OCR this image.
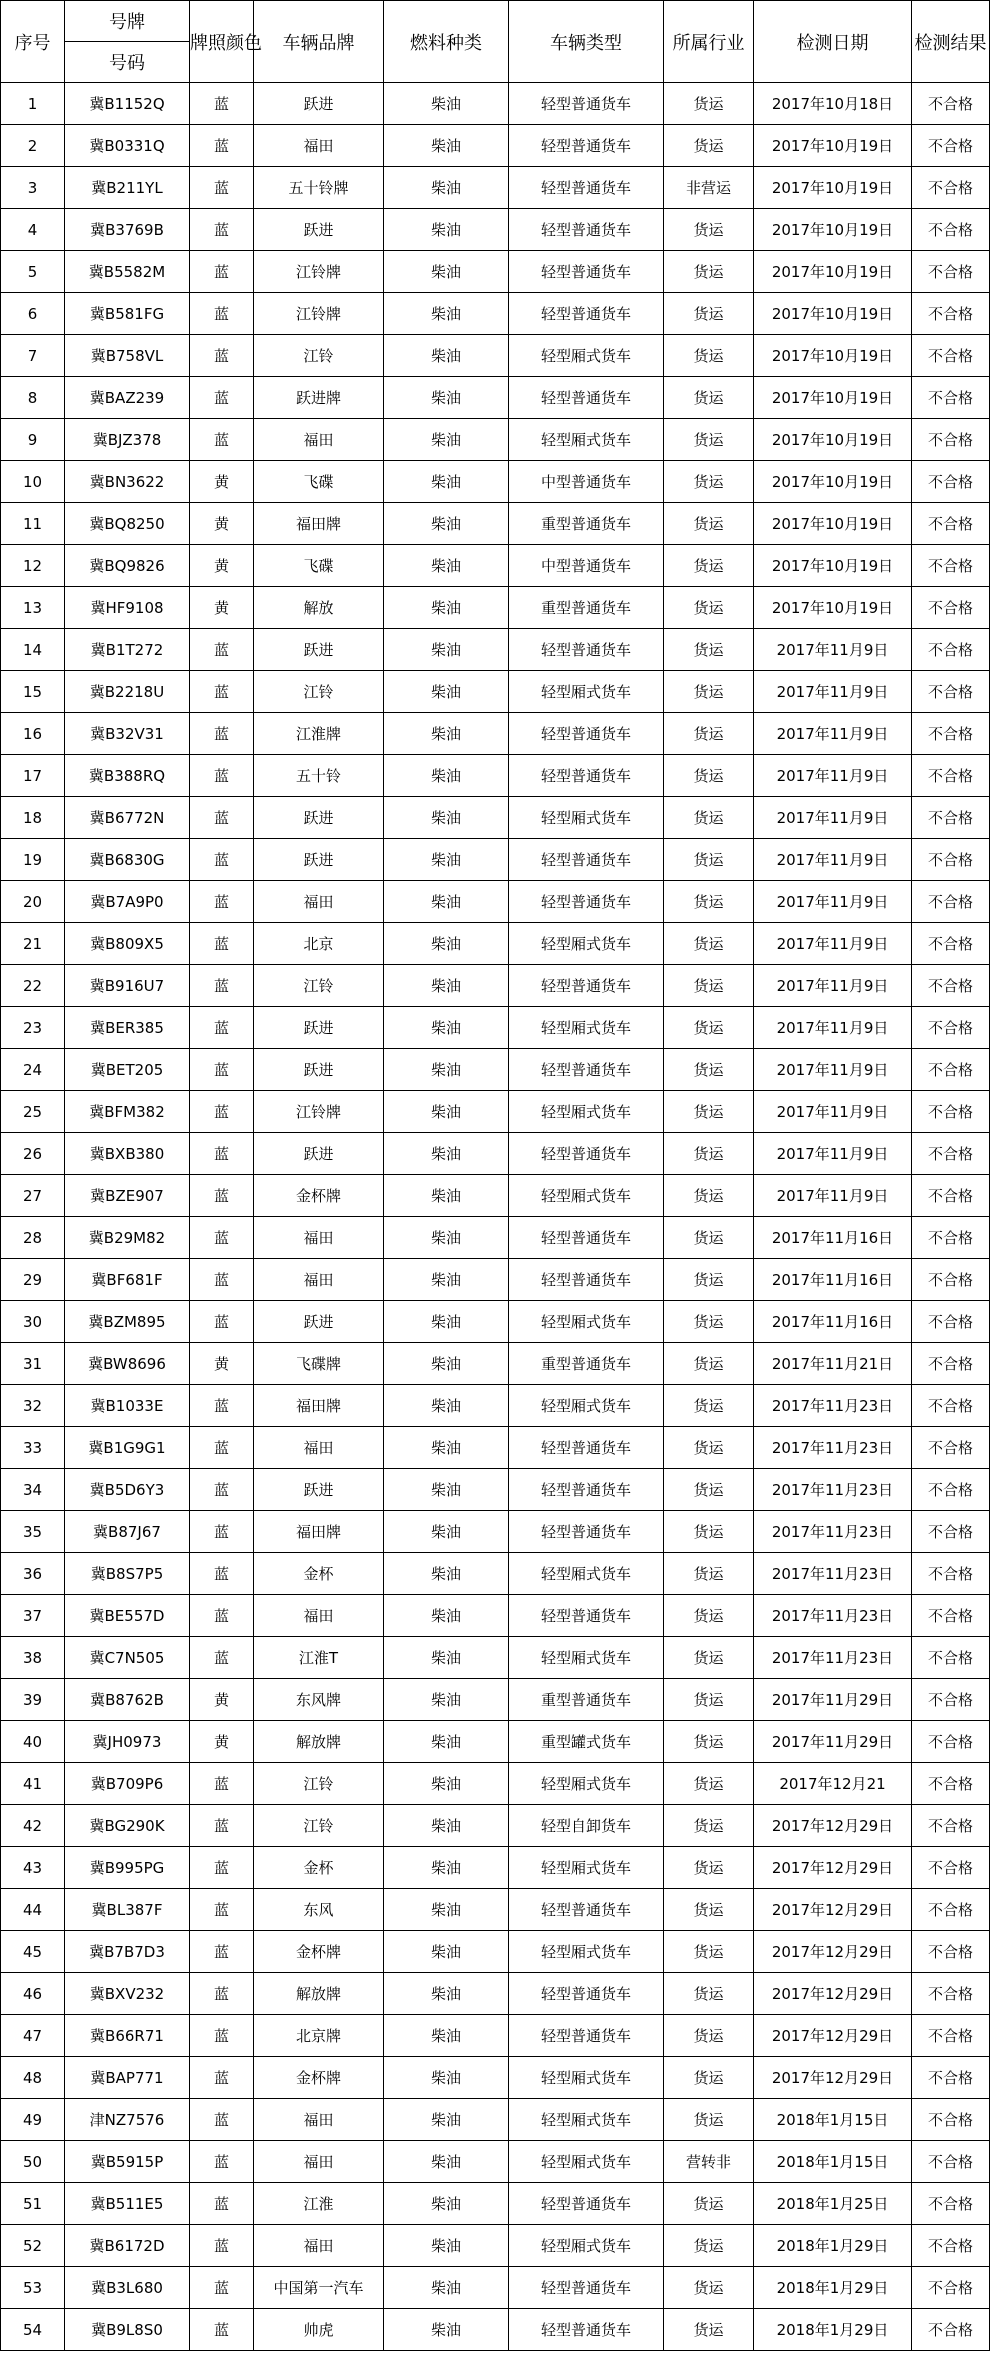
序号	号牌	牌照颜色	车辆品牌	燃料种类	车辆类型	所属行业	检测日期	检测结果
	号码							
1	冀B1152Q	蓝	跃进	柴油	轻型普通货车	货运	2017年10月18日	不合格
2	冀B0331Q	蓝	福田	柴油	轻型普通货车	货运	2017年10月19日	不合格
3	冀B211YL	蓝	五十铃牌	柴油	轻型普通货车	非营运	2017年10月19日	不合格
4	冀B3769B	蓝	跃进	柴油	轻型普通货车	货运	2017年10月19日	不合格
5	冀B5582M	蓝	江铃牌	柴油	轻型普通货车	货运	2017年10月19日	不合格
6	冀B581FG	蓝	江铃牌	柴油	轻型普通货车	货运	2017年10月19日	不合格
7	冀B758VL	蓝	江铃	柴油	轻型厢式货车	货运	2017年10月19日	不合格
8	冀BAZ239	蓝	跃进牌	柴油	轻型普通货车	货运	2017年10月19日	不合格
9	冀BJZ378	蓝	福田	柴油	轻型厢式货车	货运	2017年10月19日	不合格
10	冀BN3622	黄	飞碟	柴油	中型普通货车	货运	2017年10月19日	不合格
11	冀BQ8250	黄	福田牌	柴油	重型普通货车	货运	2017年10月19日	不合格
12	冀BQ9826	黄	飞碟	柴油	中型普通货车	货运	2017年10月19日	不合格
13	冀HF9108	黄	解放	柴油	重型普通货车	货运	2017年10月19日	不合格
14	冀B1T272	蓝	跃进	柴油	轻型普通货车	货运	2017年11月9日	不合格
15	冀B2218U	蓝	江铃	柴油	轻型厢式货车	货运	2017年11月9日	不合格
16	冀B32V31	蓝	江淮牌	柴油	轻型普通货车	货运	2017年11月9日	不合格
17	冀B388RQ	蓝	五十铃	柴油	轻型普通货车	货运	2017年11月9日	不合格
18	冀B6772N	蓝	跃进	柴油	轻型厢式货车	货运	2017年11月9日	不合格
19	冀B6830G	蓝	跃进	柴油	轻型普通货车	货运	2017年11月9日	不合格
20	冀B7A9P0	蓝	福田	柴油	轻型普通货车	货运	2017年11月9日	不合格
21	冀B809X5	蓝	北京	柴油	轻型厢式货车	货运	2017年11月9日	不合格
22	冀B916U7	蓝	江铃	柴油	轻型普通货车	货运	2017年11月9日	不合格
23	冀BER385	蓝	跃进	柴油	轻型厢式货车	货运	2017年11月9日	不合格
24	冀BET205	蓝	跃进	柴油	轻型普通货车	货运	2017年11月9日	不合格
25	冀BFM382	蓝	江铃牌	柴油	轻型厢式货车	货运	2017年11月9日	不合格
26	冀BXB380	蓝	跃进	柴油	轻型普通货车	货运	2017年11月9日	不合格
27	冀BZE907	蓝	金杯牌	柴油	轻型厢式货车	货运	2017年11月9日	不合格
28	冀B29M82	蓝	福田	柴油	轻型普通货车	货运	2017年11月16日	不合格
29	冀BF681F	蓝	福田	柴油	轻型普通货车	货运	2017年11月16日	不合格
30	冀BZM895	蓝	跃进	柴油	轻型厢式货车	货运	2017年11月16日	不合格
31	冀BW8696	黄	飞碟牌	柴油	重型普通货车	货运	2017年11月21日	不合格
32	冀B1033E	蓝	福田牌	柴油	轻型厢式货车	货运	2017年11月23日	不合格
33	冀B1G9G1	蓝	福田	柴油	轻型普通货车	货运	2017年11月23日	不合格
34	冀B5D6Y3	蓝	跃进	柴油	轻型普通货车	货运	2017年11月23日	不合格
35	冀B87J67	蓝	福田牌	柴油	轻型普通货车	货运	2017年11月23日	不合格
36	冀B8S7P5	蓝	金杯	柴油	轻型厢式货车	货运	2017年11月23日	不合格
37	冀BE557D	蓝	福田	柴油	轻型普通货车	货运	2017年11月23日	不合格
38	冀C7N505	蓝	江淮T	柴油	轻型厢式货车	货运	2017年11月23日	不合格
39	冀B8762B	黄	东风牌	柴油	重型普通货车	货运	2017年11月29日	不合格
40	冀JH0973	黄	解放牌	柴油	重型罐式货车	货运	2017年11月29日	不合格
41	冀B709P6	蓝	江铃	柴油	轻型厢式货车	货运	2017年12月21	不合格
42	冀BG290K	蓝	江铃	柴油	轻型自卸货车	货运	2017年12月29日	不合格
43	冀B995PG	蓝	金杯	柴油	轻型厢式货车	货运	2017年12月29日	不合格
44	冀BL387F	蓝	东风	柴油	轻型普通货车	货运	2017年12月29日	不合格
45	冀B7B7D3	蓝	金杯牌	柴油	轻型厢式货车	货运	2017年12月29日	不合格
46	冀BXV232	蓝	解放牌	柴油	轻型普通货车	货运	2017年12月29日	不合格
47	冀B66R71	蓝	北京牌	柴油	轻型普通货车	货运	2017年12月29日	不合格
48	冀BAP771	蓝	金杯牌	柴油	轻型厢式货车	货运	2017年12月29日	不合格
49	津NZ7576	蓝	福田	柴油	轻型厢式货车	货运	2018年1月15日	不合格
50	冀B5915P	蓝	福田	柴油	轻型厢式货车	营转非	2018年1月15日	不合格
51	冀B511E5	蓝	江淮	柴油	轻型普通货车	货运	2018年1月25日	不合格
52	冀B6172D	蓝	福田	柴油	轻型厢式货车	货运	2018年1月29日	不合格
53	冀B3L680	蓝	中国第一汽车	柴油	轻型普通货车	货运	2018年1月29日	不合格
54	冀B9L8S0	蓝	帅虎	柴油	轻型普通货车	货运	2018年1月29日	不合格
